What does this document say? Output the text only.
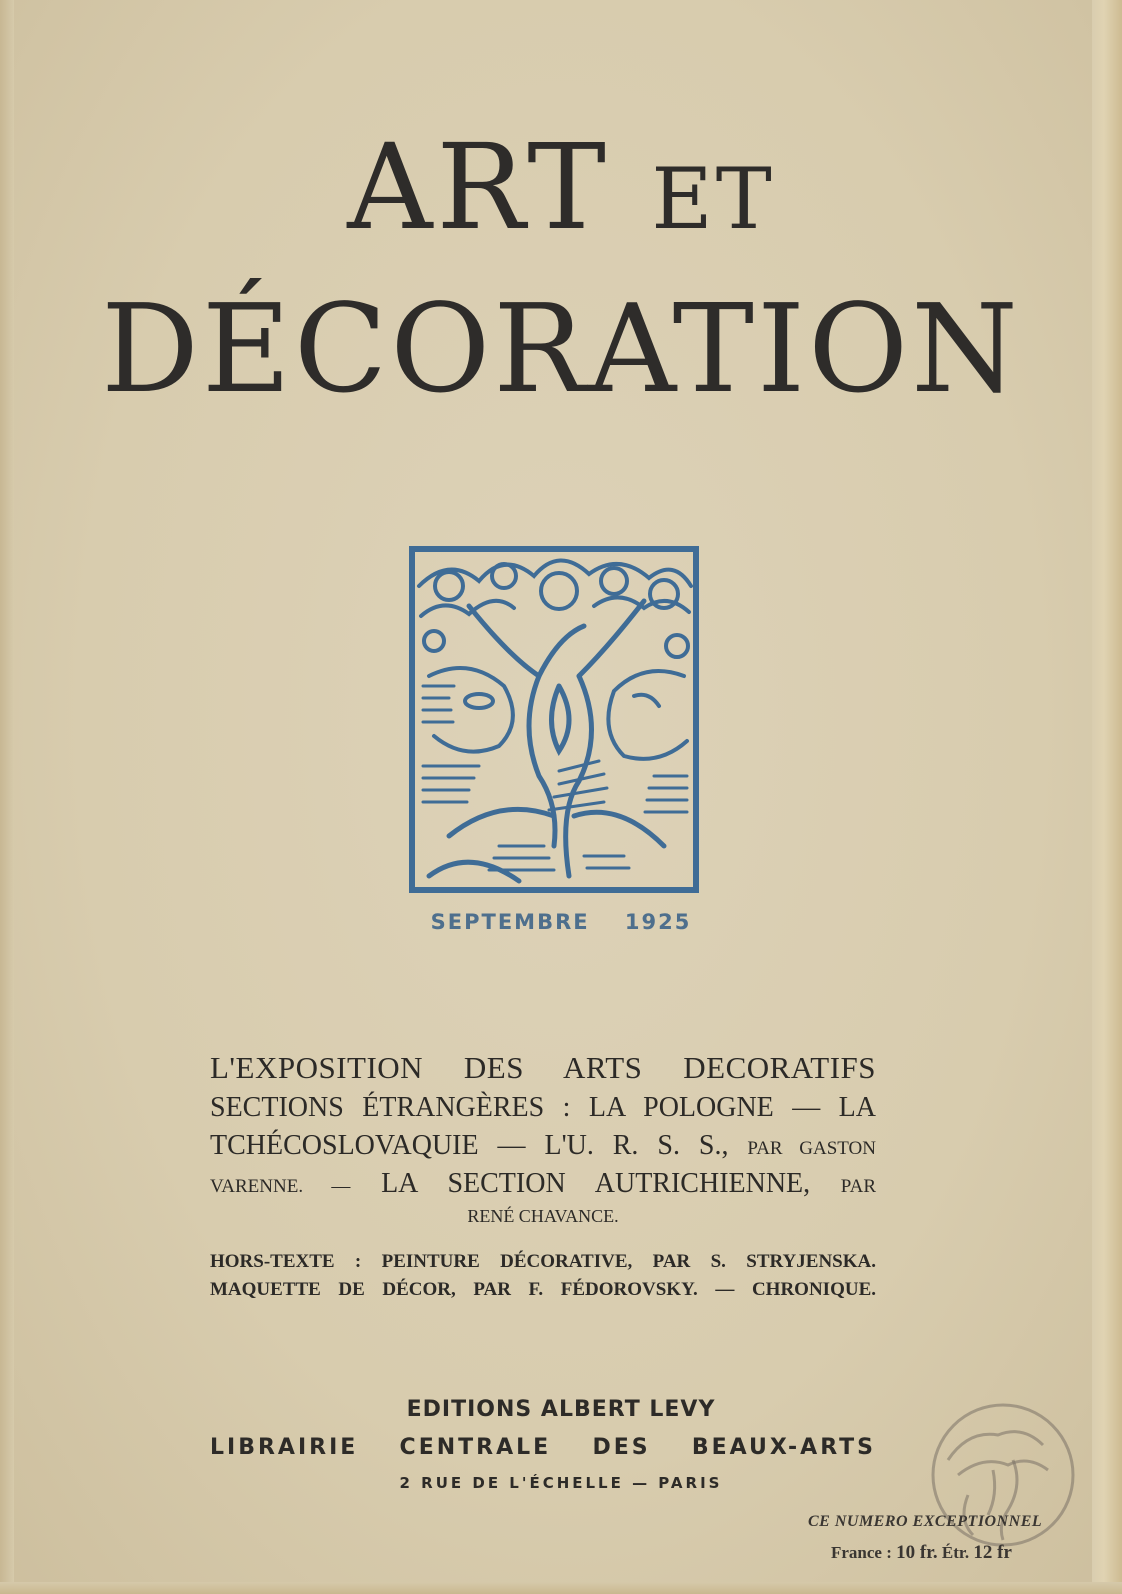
ART ET
DÉCORATION
SEPTEMBRE 1925
L'EXPOSITION DES ARTS DECORATIFS
SECTIONS ÉTRANGÈRES : LA POLOGNE — LA
TCHÉCOSLOVAQUIE — L'U. R. S. S., PAR GASTON
VARENNE. — LA SECTION AUTRICHIENNE, PAR
RENÉ CHAVANCE.
HORS-TEXTE : PEINTURE DÉCORATIVE, PAR S. STRYJENSKA.
MAQUETTE DE DÉCOR, PAR F. FÉDOROVSKY. — CHRONIQUE.
EDITIONS ALBERT LEVY
LIBRAIRIE CENTRALE DES BEAUX-ARTS
2 RUE DE L'ÉCHELLE — PARIS
CE NUMERO EXCEPTIONNEL
France : 10 fr. Étr. 12 fr
